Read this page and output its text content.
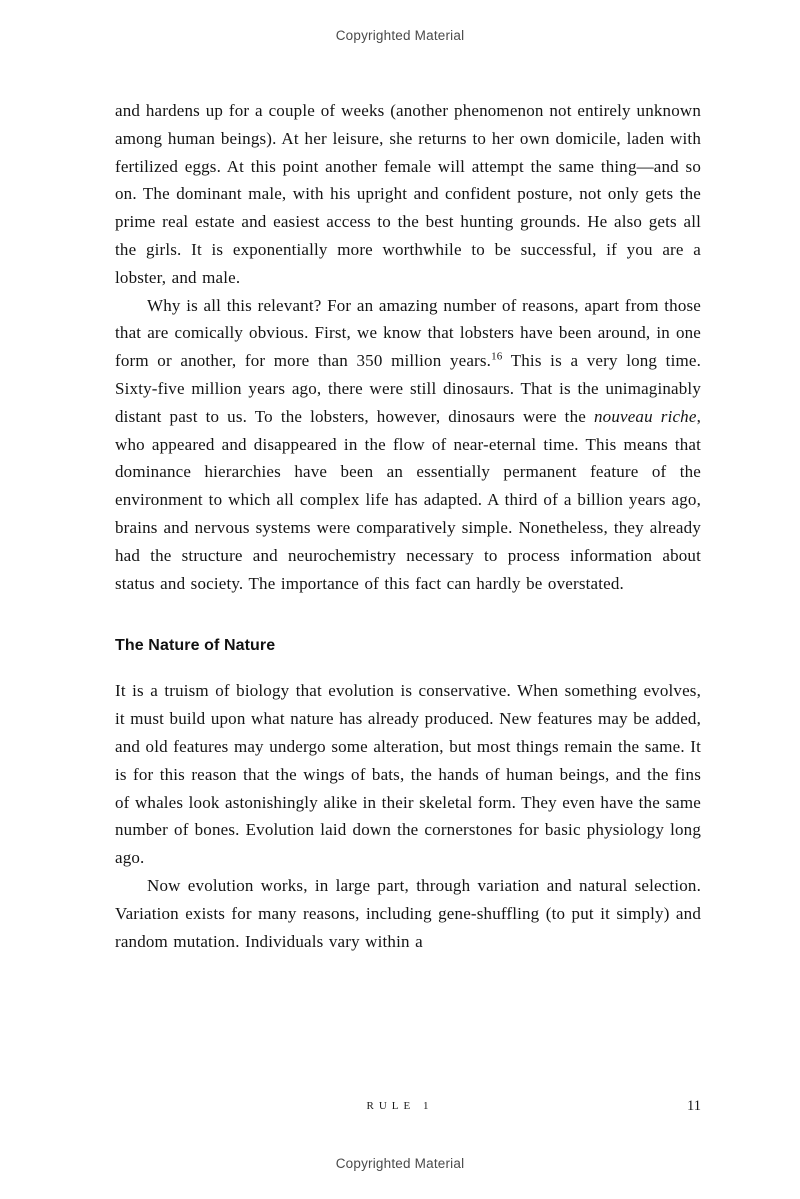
Copyrighted Material

and hardens up for a couple of weeks (another phenomenon not entirely unknown among human beings). At her leisure, she returns to her own domicile, laden with fertilized eggs. At this point another female will attempt the same thing—and so on. The dominant male, with his upright and confident posture, not only gets the prime real estate and easiest access to the best hunting grounds. He also gets all the girls. It is exponentially more worthwhile to be successful, if you are a lobster, and male.

Why is all this relevant? For an amazing number of reasons, apart from those that are comically obvious. First, we know that lobsters have been around, in one form or another, for more than 350 million years.$^{16}$ This is a very long time. Sixty-five million years ago, there were still dinosaurs. That is the unimaginably distant past to us. To the lobsters, however, dinosaurs were the nouveau riche, who appeared and disappeared in the flow of near-eternal time. This means that dominance hierarchies have been an essentially permanent feature of the environment to which all complex life has adapted. A third of a billion years ago, brains and nervous systems were comparatively simple. Nonetheless, they already had the structure and neurochemistry necessary to process information about status and society. The importance of this fact can hardly be overstated.

The Nature of Nature

It is a truism of biology that evolution is conservative. When something evolves, it must build upon what nature has already produced. New features may be added, and old features may undergo some alteration, but most things remain the same. It is for this reason that the wings of bats, the hands of human beings, and the fins of whales look astonishingly alike in their skeletal form. They even have the same number of bones. Evolution laid down the cornerstones for basic physiology long ago.

Now evolution works, in large part, through variation and natural selection. Variation exists for many reasons, including gene-shuffling (to put it simply) and random mutation. Individuals vary within a

RULE 1	11
Copyrighted Material
